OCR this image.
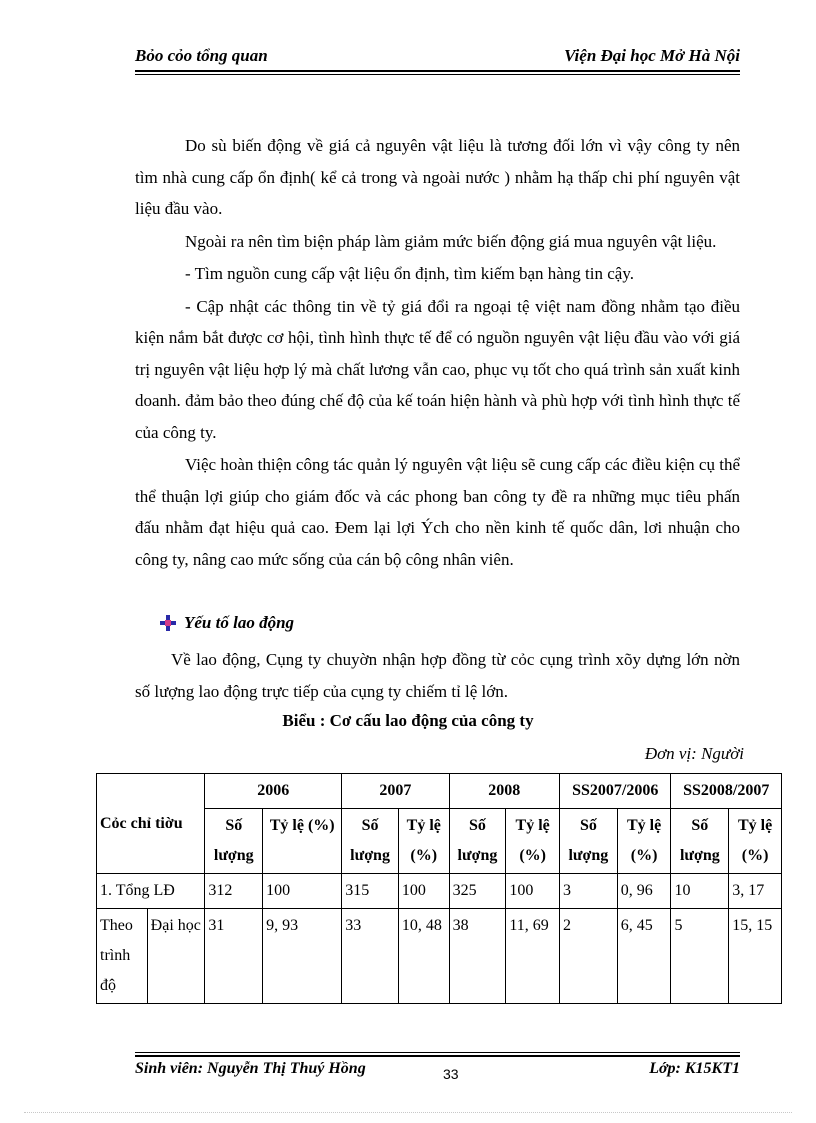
Bỏo cỏo tổng quan	Viện Đại học Mở Hà Nội

Do sù biến động về giá cả nguyên vật liệu là tương đối lớn vì vậy công ty nên tìm nhà cung cấp ổn định( kể cả trong và ngoài nước ) nhằm hạ thấp chi phí nguyên vật liệu đầu vào.

Ngoài ra nên tìm biện pháp làm giảm mức biến động giá mua nguyên vật liệu.

- Tìm nguồn cung cấp vật liệu ổn định, tìm kiếm bạn hàng tin cậy.

- Cập nhật các thông tin về tỷ giá đổi ra ngoại tệ việt nam đồng nhằm tạo điều kiện nắm bắt được cơ hội, tình hình thực tế để có nguồn nguyên vật liệu đầu vào với giá trị nguyên vật liệu hợp lý mà chất lương vẫn cao, phục vụ tốt cho quá trình sản xuất kinh doanh. đảm bảo theo đúng chế độ của kế toán hiện hành và phù hợp với tình hình thực tế của công ty.

Việc hoàn thiện công tác quản lý nguyên vật liệu sẽ cung cấp các điều kiện cụ thể thể thuận lợi giúp cho giám đốc và các phong ban công ty đề ra những mục tiêu phấn đấu nhằm đạt hiệu quả cao. Đem lại lợi Ých cho nền kinh tế quốc dân, lơi nhuận cho công ty, nâng cao mức sống của cán bộ công nhân viên.

Yếu tố lao động

Về lao động, Cụng ty chuyờn nhận hợp đồng từ cỏc cụng trình xõy dựng lớn nờn số lượng lao động trực tiếp của cụng ty chiếm tỉ lệ lớn.

Biểu : Cơ cấu lao động của công ty
Đơn vị: Người
Cỏc chỉ tiờu		2006		2007		2008		SS2007/2006		SS2008/2007	
		Số lượng	Tỷ lệ (%)	Số lượng	Tỷ lệ (%)	Số lượng	Tỷ lệ (%)	Số lượng	Tỷ lệ (%)	Số lượng	Tỷ lệ (%)
1. Tổng LĐ		312	100	315	100	325	100	3	0, 96	10	3, 17
Theo trình độ	Đại học	31	9, 93	33	10, 48	38	11, 69	2	6, 45	5	15, 15
Sinh viên: Nguyễn Thị Thuý Hồng	33	Lớp: K15KT1
